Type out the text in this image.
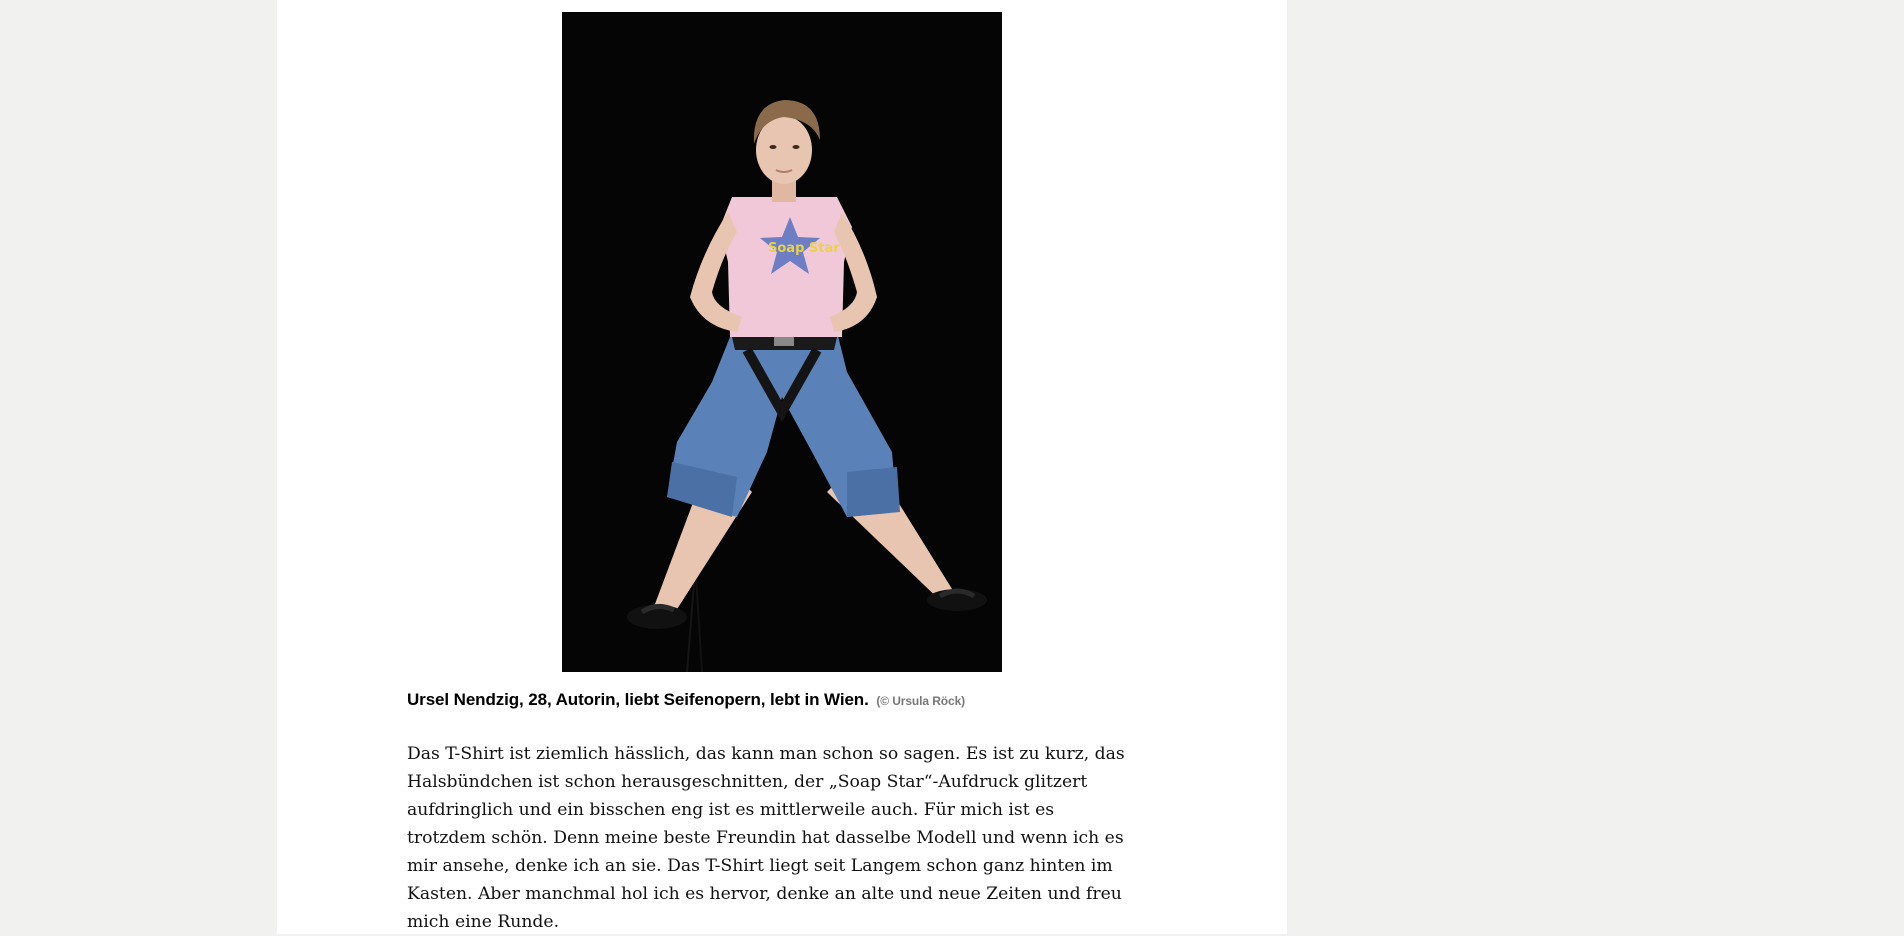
Soap Star
Ursel Nendzig, 28, Autorin, liebt Seifenopern, lebt in Wien. (© Ursula Röck)

Das T-Shirt ist ziemlich hässlich, das kann man schon so sagen. Es ist zu kurz, das Halsbündchen ist schon herausgeschnitten, der „Soap Star“-Aufdruck glitzert aufdringlich und ein bisschen eng ist es mittlerweile auch. Für mich ist es trotzdem schön. Denn meine beste Freundin hat dasselbe Modell und wenn ich es mir ansehe, denke ich an sie. Das T-Shirt liegt seit Langem schon ganz hinten im Kasten. Aber manchmal hol ich es hervor, denke an alte und neue Zeiten und freu mich eine Runde.
